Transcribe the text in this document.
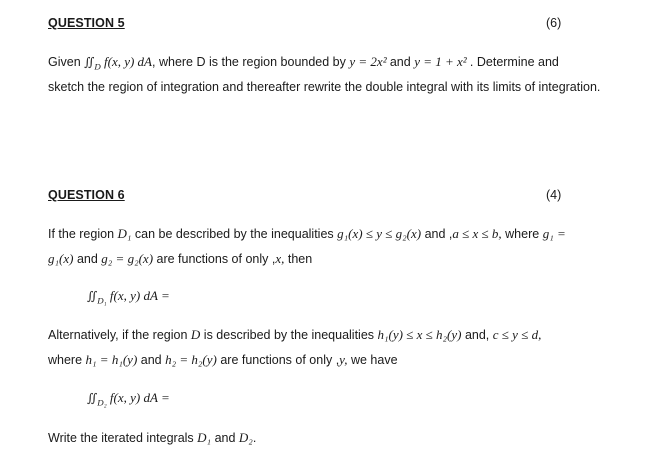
QUESTION 5	(6)
Given $∬_D$ f(x, y) dA, where D is the region bounded by y = 2x² and y = 1 + x² . Determine and
sketch the region of integration and thereafter rewrite the double integral with its limits of integration.
QUESTION 6	(4)
If the region D₁ can be described by the inequalities g₁(x) ≤ y ≤ g₂(x) and ,a ≤ x ≤ b, where g₁ =
g₁(x) and g₂ = g₂(x) are functions of only ,x, then
$∬_{D_1}$ f(x, y) dA =
Alternatively, if the region D is described by the inequalities h₁(y) ≤ x ≤ h₂(y) and, c ≤ y ≤ d,
where h₁ = h₁(y) and h₂ = h₂(y) are functions of only ,y, we have
$∬_{D_2}$ f(x, y) dA =
Write the iterated integrals D₁ and D₂.
